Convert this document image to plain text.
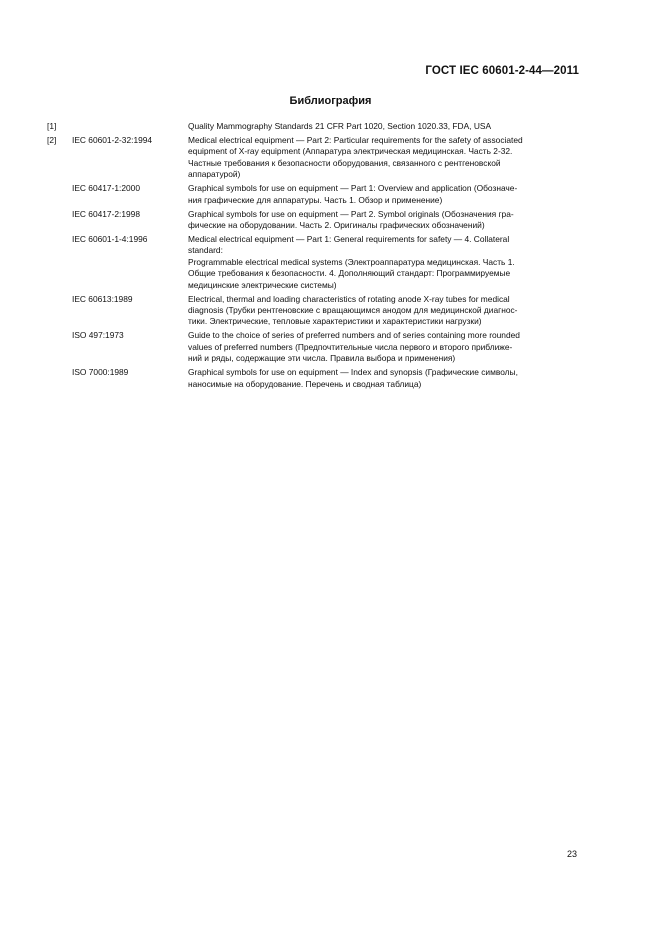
ГОСТ IEC 60601-2-44—2011
Библиография
[1]	Quality Mammography Standards 21 CFR Part 1020, Section 1020.33, FDA, USA
[2]	IEC 60601-2-32:1994	Medical electrical equipment — Part 2: Particular requirements for the safety of associated
equipment of X-ray equipment (Аппаратура электрическая медицинская. Часть 2-32.
Частные требования к безопасности оборудования, связанного с рентгеновской
аппаратурой)
IEC 60417-1:2000	Graphical symbols for use on equipment — Part 1: Overview and application (Обозначе-
ния графические для аппаратуры. Часть 1. Обзор и применение)
IEC 60417-2:1998	Graphical symbols for use on equipment — Part 2. Symbol originals (Обозначения гра-
фические на оборудовании. Часть 2. Оригиналы графических обозначений)
IEC 60601-1-4:1996	Medical electrical equipment — Part 1: General requirements for safety — 4. Collateral
standard:
Programmable electrical medical systems (Электроаппаратура медицинская. Часть 1.
Общие требования к безопасности. 4. Дополняющий стандарт: Программируемые
медицинские электрические системы)
IEC 60613:1989	Electrical, thermal and loading characteristics of rotating anode X-ray tubes for medical
diagnosis (Трубки рентгеновские с вращающимся анодом для медицинской диагнос-
тики. Электрические, тепловые характеристики и характеристики нагрузки)
ISO 497:1973	Guide to the choice of series of preferred numbers and of series containing more rounded
values of preferred numbers (Предпочтительные числа первого и второго приближе-
ний и ряды, содержащие эти числа. Правила выбора и применения)
ISO 7000:1989	Graphical symbols for use on equipment — Index and synopsis (Графические символы,
наносимые на оборудование. Перечень и сводная таблица)
23
